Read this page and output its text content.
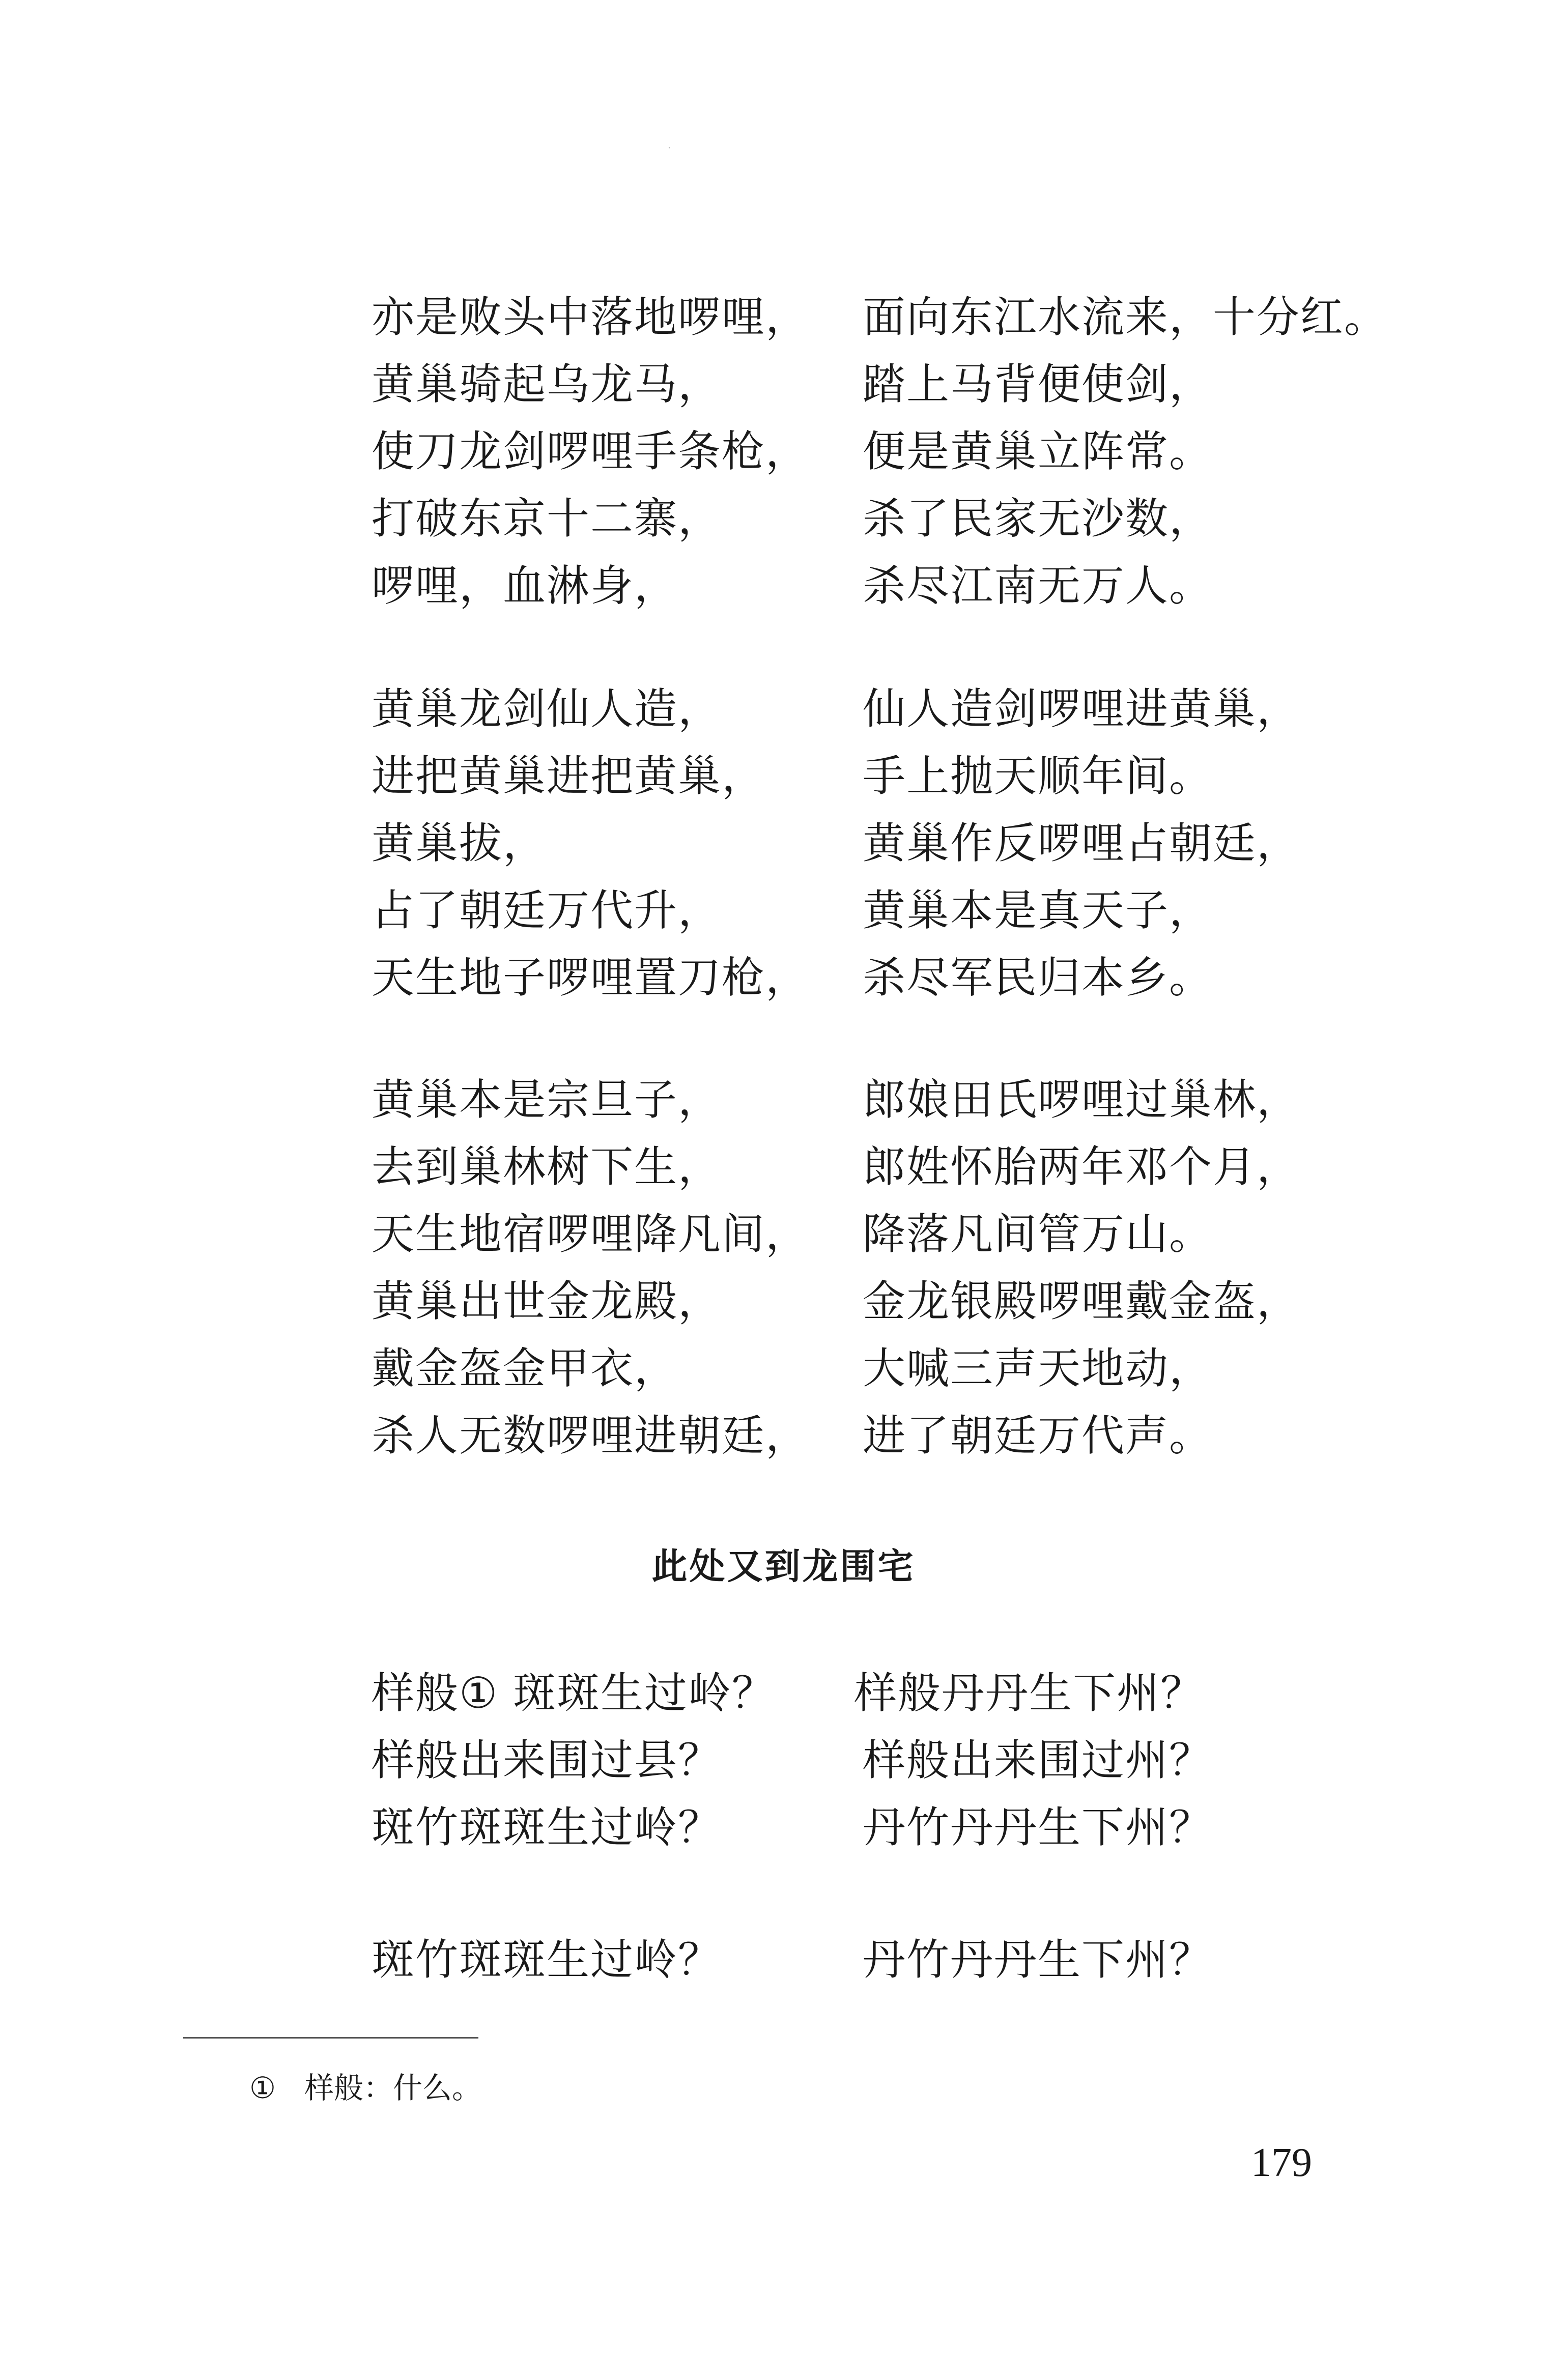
·
亦是败头中落地啰哩， 面向东江水流来，十分红。
黄巢骑起乌龙马，	踏上马背便使剑，
使刀龙剑啰哩手条枪， 便是黄巢立阵常。
打破东京十二寨，	杀了民家无沙数，
啰哩，血淋身，	杀尽江南无万人。
黄巢龙剑仙人造，	仙人造剑啰哩进黄巢，
进把黄巢进把黄巢， 手上抛天顺年间。
黄巢拔，	黄巢作反啰哩占朝廷，
占了朝廷万代升，	黄巢本是真天子，
天生地子啰哩置刀枪， 杀尽军民归本乡。
黄巢本是宗旦子，	郎娘田氏啰哩过巢林，
去到巢林树下生，	郎姓怀胎两年邓个月，
天生地宿啰哩降凡间， 降落凡间管万山。
黄巢出世金龙殿，	金龙银殿啰哩戴金盔，
戴金盔金甲衣，	大喊三声天地动，
杀人无数啰哩进朝廷， 进了朝廷万代声。
此处又到龙围宅
样般① 斑斑生过岭？ 样般丹丹生下州？
样般出来围过县？	样般出来围过州？
斑竹斑斑生过岭？	丹竹丹丹生下州？
斑竹斑斑生过岭？	丹竹丹丹生下州？
① 样般：什么。
179
